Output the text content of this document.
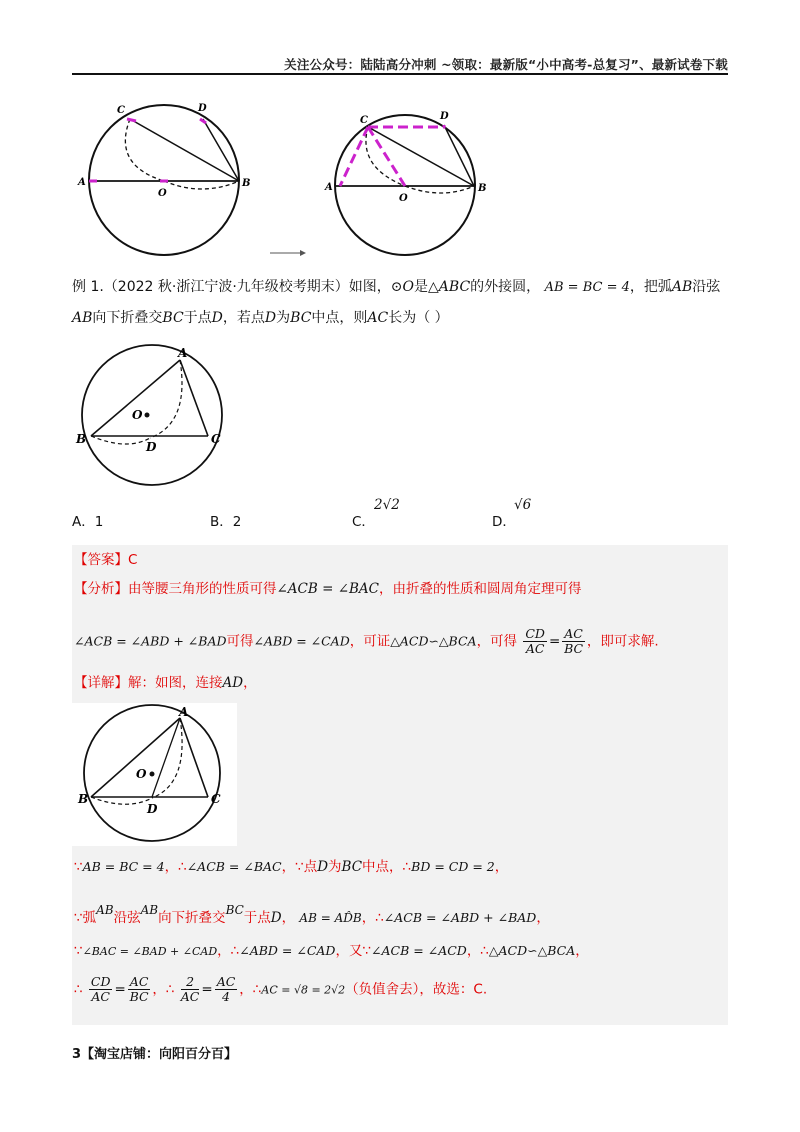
关注公众号：陆陆高分冲刺 ~领取：最新版“小中高考-总复习”、最新试卷下载
A	B
C	D
O
A	B
C	D
O
例 1.（2022 秋·浙江宁波·九年级校考期末）如图，⊙O是△ABC的外接圆， AB = BC = 4，把弧AB沿弦
AB向下折叠交BC于点D，若点D为BC中点，则AC长为（ ）
A
B	C
D
O
A．1	B．2	C．
2√2
D．
√6
【答案】C
【分析】由等腰三角形的性质可得∠ACB = ∠BAC，由折叠的性质和圆周角定理可得
∠ACB = ∠ABD + ∠BAD可得∠ABD = ∠CAD，可证△ACD∽△BCA，可得 $\frac{CD}{AC} = \frac{AC}{BC}$ ，即可求解.
【详解】解：如图，连接AD，
A
B	C
D
O
∵AB = BC = 4，∴∠ACB = ∠BAC，∵点D为BC中点，∴BD = CD = 2，
∵弧AB沿弦AB向下折叠交BC于点D， AB = AD̂B，∴∠ACB = ∠ABD + ∠BAD，
∵∠BAC = ∠BAD + ∠CAD，∴∠ABD = ∠CAD，又∵∠ACB = ∠ACD，∴△ACD∽△BCA，
∴ $\frac{CD}{AC} = \frac{AC}{BC}$ ，∴ $\frac{2}{AC} = \frac{AC}{4}$ ，∴AC = √8 = 2√2（负值舍去），故选：C.
3【淘宝店铺：向阳百分百】
